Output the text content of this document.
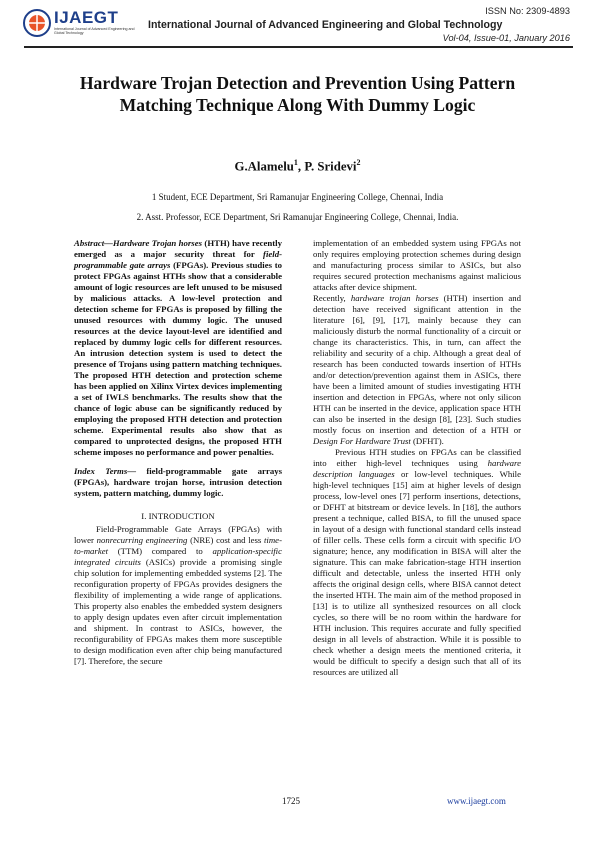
IJAEGT
International Journal of Advanced Engineering and Global Technology
ISSN No: 2309-4893
International Journal of Advanced Engineering and Global Technology
Vol-04, Issue-01, January 2016
Hardware Trojan Detection and Prevention Using Pattern Matching Technique Along With Dummy Logic
G.Alamelu$^1$, P. Sridevi$^2$
1 Student, ECE Department, Sri Ramanujar Engineering College, Chennai, India
2. Asst. Professor, ECE Department, Sri Ramanujar Engineering College, Chennai, India.

Abstract—Hardware Trojan horses (HTH) have recently emerged as a major security threat for field-programmable gate arrays (FPGAs). Previous studies to protect FPGAs against HTHs show that a considerable amount of logic resources are left unused to be misused by malicious attacks. A low-level protection and detection scheme for FPGAs is proposed by filling the unused resources with dummy logic. The unused resources at the device layout-level are identified and replaced by dummy logic cells for different resources. An intrusion detection system is used to detect the presence of Trojans using pattern matching techniques. The proposed HTH detection and protection scheme has been applied on Xilinx Virtex devices implementing a set of IWLS benchmarks. The results show that the chance of logic abuse can be significantly reduced by employing the proposed HTH detection and protection scheme. Experimental results also show that as compared to unprotected designs, the proposed HTH scheme imposes no performance and power penalties.

Index Terms— field-programmable gate arrays (FPGAs), hardware trojan horse, intrusion detection system, pattern matching, dummy logic.

I. INTRODUCTION

Field-Programmable Gate Arrays (FPGAs) with lower nonrecurring engineering (NRE) cost and less time-to-market (TTM) compared to application-specific integrated circuits (ASICs) provide a promising single chip solution for implementing embedded systems [2]. The reconfiguration property of FPGAs provides designers the flexibility of implementing a wide range of applications. This property also enables the embedded system designers to apply design updates even after circuit implementation and shipment. In contrast to ASICs, however, the reconfigurability of FPGAs makes them more susceptible to design modification even after chip being manufactured [7]. Therefore, the secure

implementation of an embedded system using FPGAs not only requires employing protection schemes during design and manufacturing process similar to ASICs, but also requires secured protection mechanisms against malicious attacks after device shipment.

Recently, hardware trojan horses (HTH) insertion and detection have received significant attention in the literature [6], [9], [17], mainly because they can maliciously disturb the normal functionality of a circuit or change its characteristics. This, in turn, can affect the reliability and security of a chip. Although a great deal of research has been conducted towards insertion of HTHs and/or detection/prevention against them in ASICs, there have been a limited amount of studies investigating HTH insertion and detection in FPGAs, where not only silicon HTH can be inserted in the device, application space HTH can also be inserted in the design [8], [23]. Such studies mostly focus on insertion and detection of a HTH or Design For Hardware Trust (DFHT).

Previous HTH studies on FPGAs can be classified into either high-level techniques using hardware description languages or low-level techniques. While high-level techniques [15] aim at higher levels of design process, low-level ones [7] perform insertions, detections, or DFHT at bitstream or device levels. In [18], the authors present a technique, called BISA, to fill the unused space in layout of a design with functional standard cells instead of filler cells. These cells form a circuit with specific I/O signature; hence, any modification in BISA will alter the signature. This can make fabrication-stage HTH insertion difficult and detectable, unless the inserted HTH only affects the original design cells, where BISA cannot detect the inserted HTH. The main aim of the method proposed in [13] is to utilize all synthesized resources on all clock cycles, so there will be no room within the hardware for HTH inclusion. This requires accurate and fully specified design in all levels of abstraction. While it is possible to check whether a design meets the mentioned criteria, it would be difficult to specify a design such that all of its resources are utilized all

1725	www.ijaegt.com
